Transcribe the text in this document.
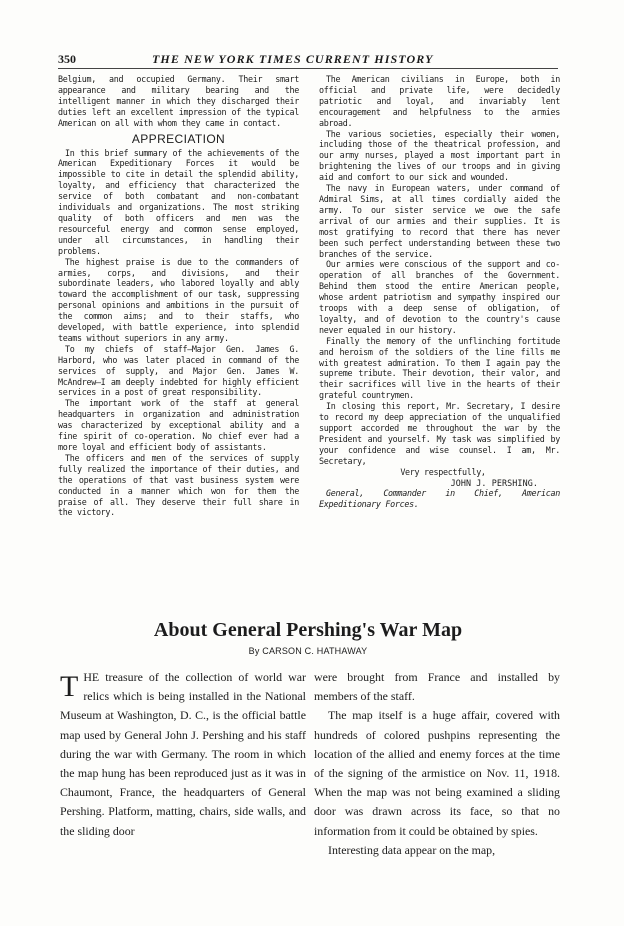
350	THE NEW YORK TIMES CURRENT HISTORY

Belgium, and occupied Germany. Their smart appearance and military bearing and the intelligent manner in which they discharged their duties left an excellent impression of the typical American on all with whom they came in contact.

APPRECIATION

In this brief summary of the achievements of the American Expeditionary Forces it would be impossible to cite in detail the splendid ability, loyalty, and efficiency that characterized the service of both combatant and non-combatant individuals and organizations. The most striking quality of both officers and men was the resourceful energy and common sense employed, under all circumstances, in handling their problems.

The highest praise is due to the commanders of armies, corps, and divisions, and their subordinate leaders, who labored loyally and ably toward the accomplishment of our task, suppressing personal opinions and ambitions in the pursuit of the common aims; and to their staffs, who developed, with battle experience, into splendid teams without superiors in any army.

To my chiefs of staff—Major Gen. James G. Harbord, who was later placed in command of the services of supply, and Major Gen. James W. McAndrew—I am deeply indebted for highly efficient services in a post of great responsibility.

The important work of the staff at general headquarters in organization and administration was characterized by exceptional ability and a fine spirit of co-operation. No chief ever had a more loyal and efficient body of assistants.

The officers and men of the services of supply fully realized the importance of their duties, and the operations of that vast business system were conducted in a manner which won for them the praise of all. They deserve their full share in the victory.

The American civilians in Europe, both in official and private life, were decidedly patriotic and loyal, and invariably lent encouragement and helpfulness to the armies abroad.

The various societies, especially their women, including those of the theatrical profession, and our army nurses, played a most important part in brightening the lives of our troops and in giving aid and comfort to our sick and wounded.

The navy in European waters, under command of Admiral Sims, at all times cordially aided the army. To our sister service we owe the safe arrival of our armies and their supplies. It is most gratifying to record that there has never been such perfect understanding between these two branches of the service.

Our armies were conscious of the support and co-operation of all branches of the Government. Behind them stood the entire American people, whose ardent patriotism and sympathy inspired our troops with a deep sense of obligation, of loyalty, and of devotion to the country's cause never equaled in our history.

Finally the memory of the unflinching fortitude and heroism of the soldiers of the line fills me with greatest admiration. To them I again pay the supreme tribute. Their devotion, their valor, and their sacrifices will live in the hearts of their grateful countrymen.

In closing this report, Mr. Secretary, I desire to record my deep appreciation of the unqualified support accorded me throughout the war by the President and yourself. My task was simplified by your confidence and wise counsel. I am, Mr. Secretary,

Very respectfully,

JOHN J. PERSHING.

General, Commander in Chief, American Expeditionary Forces.

About General Pershing's War Map
By CARSON C. HATHAWAY

T HE treasure of the collection of world war relics which is being installed in the National Museum at Washington, D. C., is the official battle map used by General John J. Pershing and his staff during the war with Germany. The room in which the map hung has been reproduced just as it was in Chaumont, France, the headquarters of General Pershing. Platform, matting, chairs, side walls, and the sliding door

were brought from France and installed by members of the staff.

The map itself is a huge affair, covered with hundreds of colored pushpins representing the location of the allied and enemy forces at the time of the signing of the armistice on Nov. 11, 1918. When the map was not being examined a sliding door was drawn across its face, so that no information from it could be obtained by spies.

Interesting data appear on the map,
